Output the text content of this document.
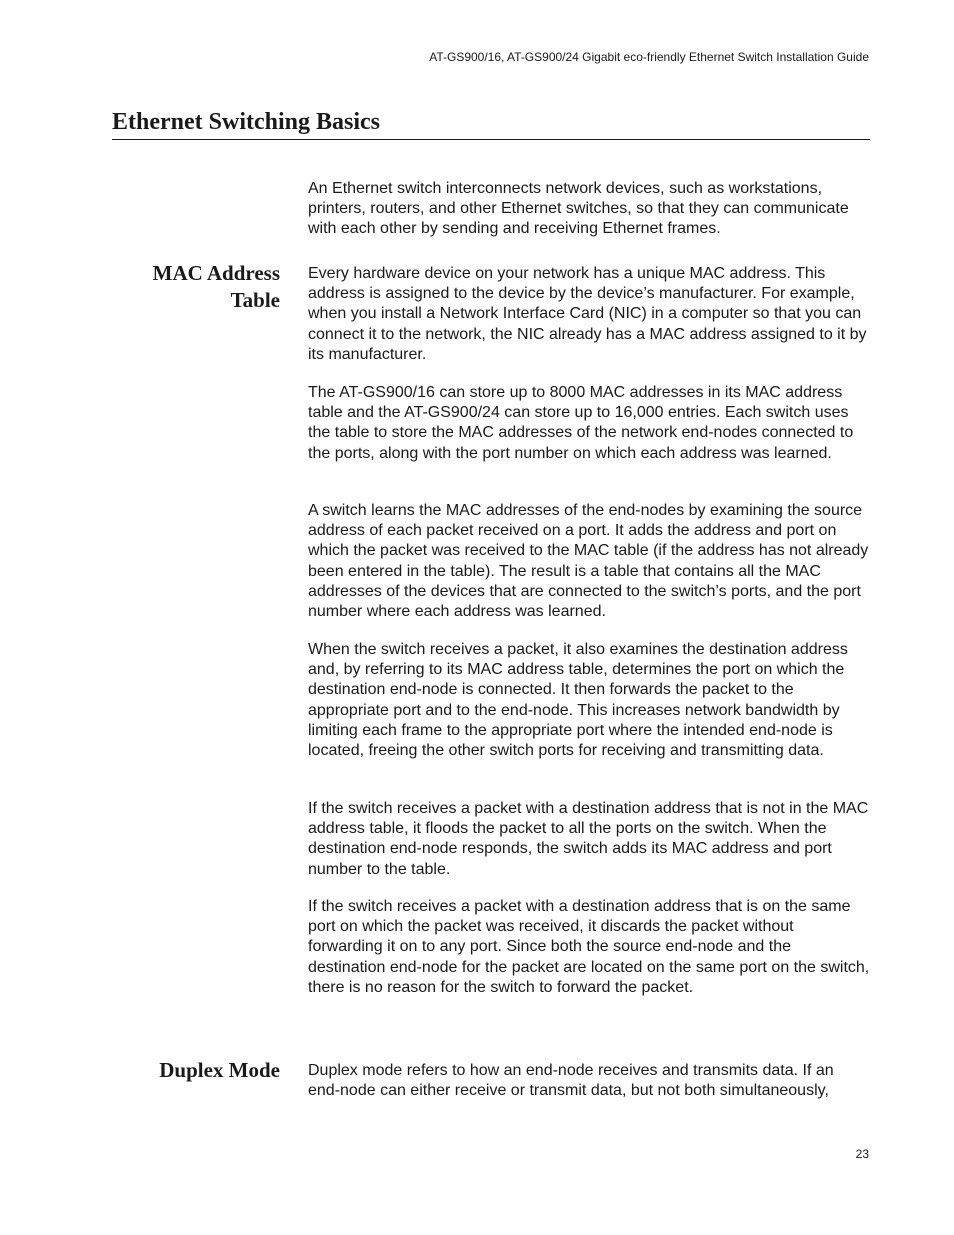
AT-GS900/16, AT-GS900/24 Gigabit eco-friendly Ethernet Switch Installation Guide
Ethernet Switching Basics

An Ethernet switch interconnects network devices, such as workstations, printers, routers, and other Ethernet switches, so that they can communicate with each other by sending and receiving Ethernet frames.

MAC Address
Table

Every hardware device on your network has a unique MAC address. This address is assigned to the device by the device’s manufacturer. For example, when you install a Network Interface Card (NIC) in a computer so that you can connect it to the network, the NIC already has a MAC address assigned to it by its manufacturer.

The AT-GS900/16 can store up to 8000 MAC addresses in its MAC address table and the AT-GS900/24 can store up to 16,000 entries. Each switch uses the table to store the MAC addresses of the network end-nodes connected to the ports, along with the port number on which each address was learned.

A switch learns the MAC addresses of the end-nodes by examining the source address of each packet received on a port. It adds the address and port on which the packet was received to the MAC table (if the address has not already been entered in the table). The result is a table that contains all the MAC addresses of the devices that are connected to the switch’s ports, and the port number where each address was learned.

When the switch receives a packet, it also examines the destination address and, by referring to its MAC address table, determines the port on which the destination end-node is connected. It then forwards the packet to the appropriate port and to the end-node. This increases network bandwidth by limiting each frame to the appropriate port where the intended end-node is located, freeing the other switch ports for receiving and transmitting data.

If the switch receives a packet with a destination address that is not in the MAC address table, it floods the packet to all the ports on the switch. When the destination end-node responds, the switch adds its MAC address and port number to the table.

If the switch receives a packet with a destination address that is on the same port on which the packet was received, it discards the packet without forwarding it on to any port. Since both the source end-node and the destination end-node for the packet are located on the same port on the switch, there is no reason for the switch to forward the packet.

Duplex Mode Duplex mode refers to how an end-node receives and transmits data. If an end-node can either receive or transmit data, but not both simultaneously,

23
